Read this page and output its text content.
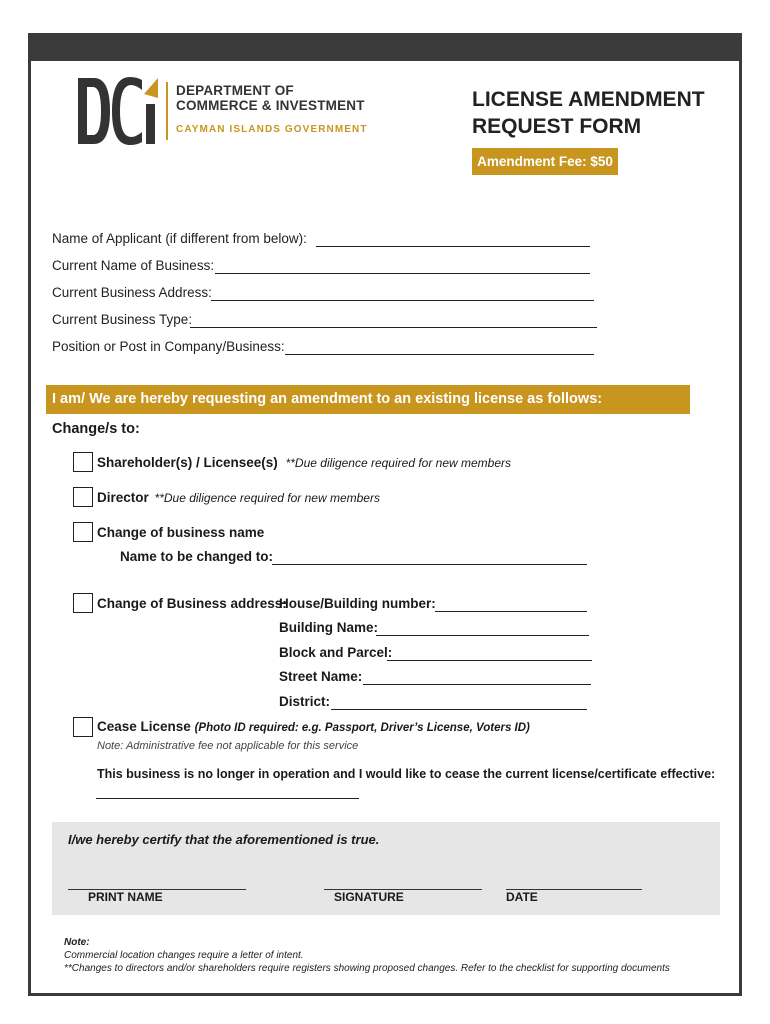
DEPARTMENT OF
COMMERCE & INVESTMENT
CAYMAN ISLANDS GOVERNMENT
LICENSE AMENDMENT
REQUEST FORM
Amendment Fee: $50
Name of Applicant (if different from below):
Current Name of Business:
Current Business Address:
Current Business Type:
Position or Post in Company/Business:
I am/ We are hereby requesting an amendment to an existing license as follows:
Change/s to:
Shareholder(s) / Licensee(s) **Due diligence required for new members
Director **Due diligence required for new members
Change of business name
Name to be changed to:
Change of Business address:
House/Building number:
Building Name:
Block and Parcel:
Street Name:
District:
Cease License (Photo ID required: e.g. Passport, Driver’s License, Voters ID)
Note: Administrative fee not applicable for this service
This business is no longer in operation and I would like to cease the current license/certificate effective:
I/we hereby certify that the aforementioned is true.
PRINT NAME	SIGNATURE	DATE
Note:
Commercial location changes require a letter of intent.
**Changes to directors and/or shareholders require registers showing proposed changes. Refer to the checklist for supporting documents
